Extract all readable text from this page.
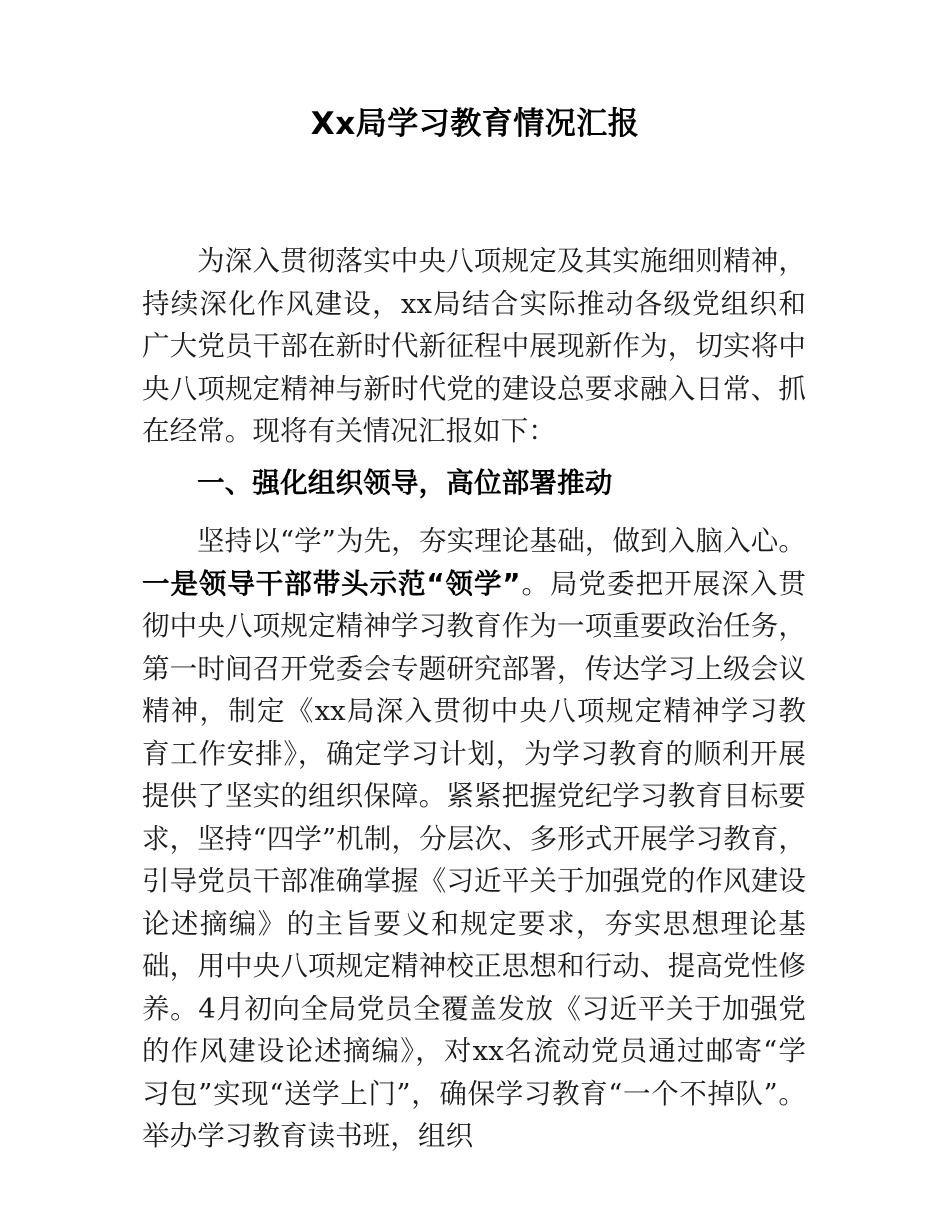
Xx局学习教育情况汇报

为深入贯彻落实中央八项规定及其实施细则精神，持续深化作风建设，xx局结合实际推动各级党组织和广大党员干部在新时代新征程中展现新作为，切实将中央八项规定精神与新时代党的建设总要求融入日常、抓在经常。现将有关情况汇报如下：

一、强化组织领导，高位部署推动

坚持以“学”为先，夯实理论基础，做到入脑入心。一是领导干部带头示范“领学”。局党委把开展深入贯彻中央八项规定精神学习教育作为一项重要政治任务，第一时间召开党委会专题研究部署，传达学习上级会议精神，制定《xx局深入贯彻中央八项规定精神学习教育工作安排》，确定学习计划，为学习教育的顺利开展提供了坚实的组织保障。紧紧把握党纪学习教育目标要求，坚持“四学”机制，分层次、多形式开展学习教育，引导党员干部准确掌握《习近平关于加强党的作风建设论述摘编》的主旨要义和规定要求，夯实思想理论基础，用中央八项规定精神校正思想和行动、提高党性修养。4月初向全局党员全覆盖发放《习近平关于加强党的作风建设论述摘编》，对xx名流动党员通过邮寄“学习包”实现“送学上门”，确保学习教育“一个不掉队”。举办学习教育读书班，组织
